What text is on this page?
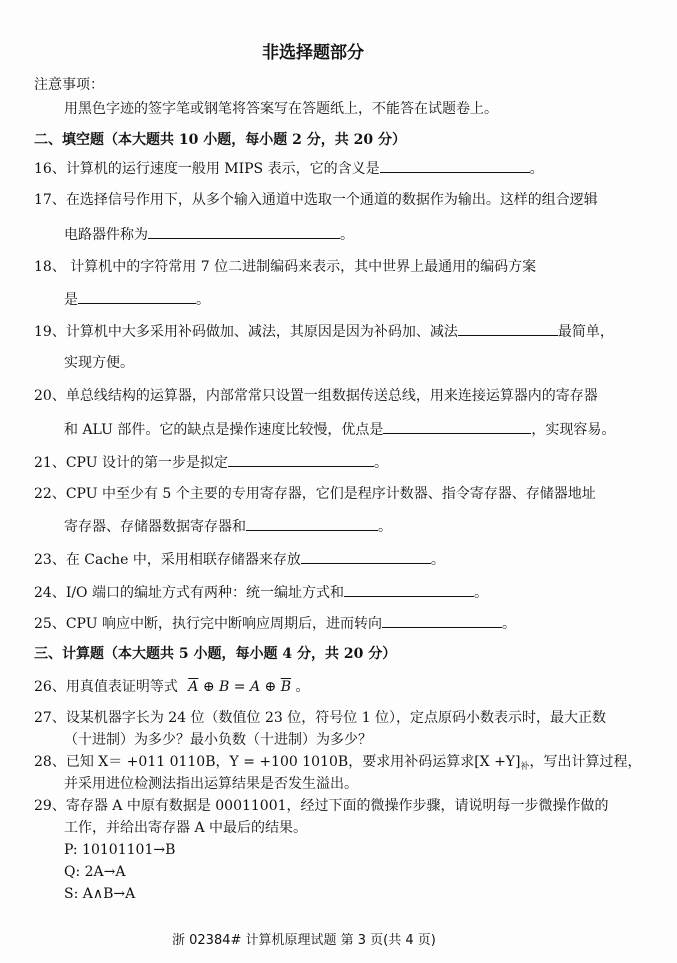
非选择题部分
注意事项：
用黑色字迹的签字笔或钢笔将答案写在答题纸上，不能答在试题卷上。
二、填空题（本大题共 10 小题，每小题 2 分，共 20 分）
16、计算机的运行速度一般用 MIPS 表示，它的含义是	。
17、在选择信号作用下，从多个输入通道中选取一个通道的数据作为输出。这样的组合逻辑
电路器件称为	。
18、 计算机中的字符常用 7 位二进制编码来表示，其中世界上最通用的编码方案
是	。
19、计算机中大多采用补码做加、减法，其原因是因为补码加、减法	最简单，
实现方便。
20、单总线结构的运算器，内部常常只设置一组数据传送总线，用来连接运算器内的寄存器
和 ALU 部件。它的缺点是操作速度比较慢，优点是	，实现容易。
21、CPU 设计的第一步是拟定	。
22、CPU 中至少有 5 个主要的专用寄存器，它们是程序计数器、指令寄存器、存储器地址
寄存器、存储器数据寄存器和	。
23、在 Cache 中，采用相联存储器来存放	。
24、I/O 端口的编址方式有两种：统一编址方式和	。
25、CPU 响应中断，执行完中断响应周期后，进而转向	。
三、计算题（本大题共 5 小题，每小题 4 分，共 20 分）
26、用真值表证明等式 $\overline{A}$ ⊕ B = A ⊕ $\overline{B}$ 。
27、设某机器字长为 24 位（数值位 23 位，符号位 1 位），定点原码小数表示时，最大正数
（十进制）为多少？最小负数（十进制）为多少？
28、已知 X＝ +011 0110B，Y = +100 1010B，要求用补码运算求$[X +Y]_补$，写出计算过程，
并采用进位检测法指出运算结果是否发生溢出。
29、寄存器 A 中原有数据是 00011001，经过下面的微操作步骤，请说明每一步微操作做的
工作，并给出寄存器 A 中最后的结果。
P: 10101101→B
Q: 2A→A
S: A∧B→A
浙 02384# 计算机原理试题 第 3 页(共 4 页)
